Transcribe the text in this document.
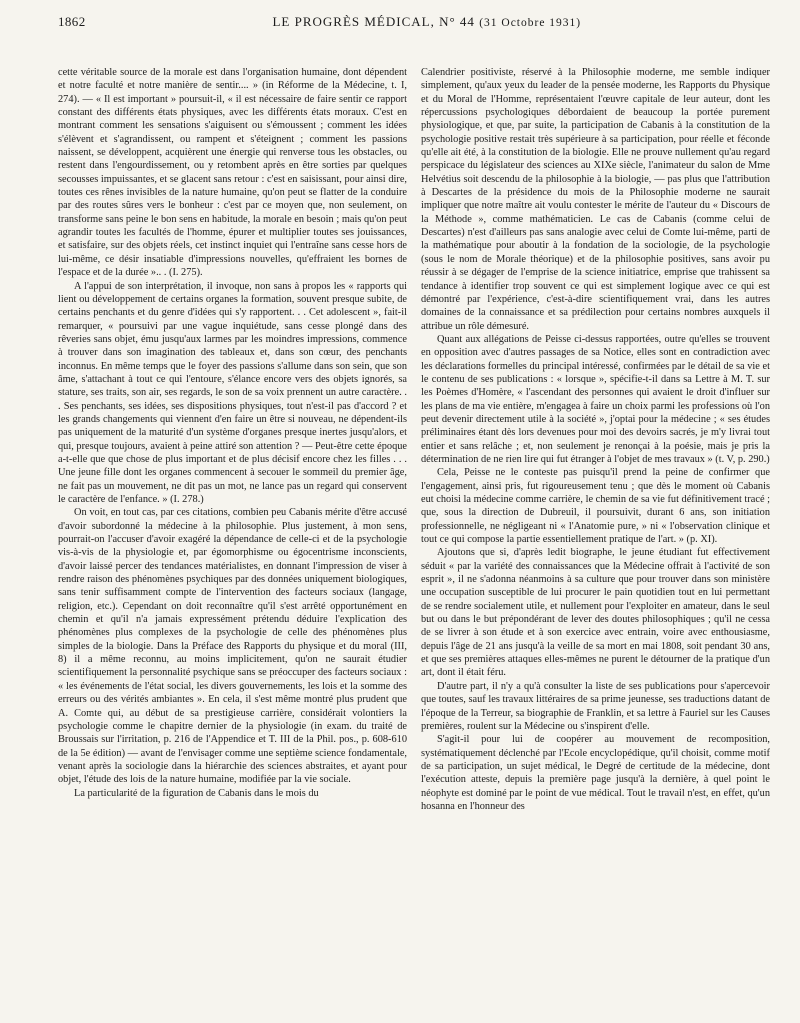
1862	LE PROGRÈS MÉDICAL, N° 44 (31 Octobre 1931)

cette véritable source de la morale est dans l'organisation humaine, dont dépendent et notre faculté et notre manière de sentir.... » (in Réforme de la Médecine, t. I, 274). — « Il est important » poursuit-il, « il est nécessaire de faire sentir ce rapport constant des différents états physiques, avec les différents états moraux. C'est en montrant comment les sensations s'aiguisent ou s'émoussent ; comment les idées s'élèvent et s'agrandissent, ou rampent et s'éteignent ; comment les passions naissent, se développent, acquièrent une énergie qui renverse tous les obstacles, ou restent dans l'engourdissement, ou y retombent après en être sorties par quelques secousses impuissantes, et se glacent sans retour : c'est en saisissant, pour ainsi dire, toutes ces rênes invisibles de la nature humaine, qu'on peut se flatter de la conduire par des routes sûres vers le bonheur : c'est par ce moyen que, non seulement, on transforme sans peine le bon sens en habitude, la morale en besoin ; mais qu'on peut agrandir toutes les facultés de l'homme, épurer et multiplier toutes ses jouissances, et satisfaire, sur des objets réels, cet instinct inquiet qui l'entraîne sans cesse hors de lui-même, ce désir insatiable d'impressions nouvelles, qu'effraient les bornes de l'espace et de la durée ».. . (I. 275).

A l'appui de son interprétation, il invoque, non sans à propos les « rapports qui lient ou développement de certains organes la formation, souvent presque subite, de certains penchants et du genre d'idées qui s'y rapportent. . . Cet adolescent », fait-il remarquer, « poursuivi par une vague inquiétude, sans cesse plongé dans des rêveries sans objet, ému jusqu'aux larmes par les moindres impressions, commence à trouver dans son imagination des tableaux et, dans son cœur, des penchants inconnus. En même temps que le foyer des passions s'allume dans son sein, que son âme, s'attachant à tout ce qui l'entoure, s'élance encore vers des objets ignorés, sa stature, ses traits, son air, ses regards, le son de sa voix prennent un autre caractère. . . Ses penchants, ses idées, ses dispositions physiques, tout n'est-il pas d'accord ? et les grands changements qui viennent d'en faire un être si nouveau, ne dépendent-ils pas uniquement de la maturité d'un système d'organes presque inertes jusqu'alors, et qui, presque toujours, avaient à peine attiré son attention ? — Peut-être cette époque a-t-elle que que chose de plus important et de plus décisif encore chez les filles . . . Une jeune fille dont les organes commencent à secouer le sommeil du premier âge, ne fait pas un mouvement, ne dit pas un mot, ne lance pas un regard qui conservent le caractère de l'enfance. » (I. 278.)

On voit, en tout cas, par ces citations, combien peu Cabanis mérite d'être accusé d'avoir subordonné la médecine à la philosophie. Plus justement, à mon sens, pourrait-on l'accuser d'avoir exagéré la dépendance de celle-ci et de la psychologie vis-à-vis de la physiologie et, par égomorphisme ou égocentrisme inconscients, d'avoir laissé percer des tendances matérialistes, en donnant l'impression de viser à rendre raison des phénomènes psychiques par des données uniquement biologiques, sans tenir suffisamment compte de l'intervention des facteurs sociaux (langage, religion, etc.). Cependant on doit reconnaître qu'il s'est arrêté opportunément en chemin et qu'il n'a jamais expressément prétendu déduire l'explication des phénomènes plus complexes de la psychologie de celle des phénomènes plus simples de la biologie. Dans la Préface des Rapports du physique et du moral (III, 8) il a même reconnu, au moins implicitement, qu'on ne saurait étudier scientifiquement la personnalité psychique sans se préoccuper des facteurs sociaux : « les événements de l'état social, les divers gouvernements, les lois et la somme des erreurs ou des vérités ambiantes ». En cela, il s'est même montré plus prudent que A. Comte qui, au début de sa prestigieuse carrière, considérait volontiers la psychologie comme le chapitre dernier de la physiologie (in exam. du traité de Broussais sur l'irritation, p. 216 de l'Appendice et T. III de la Phil. pos., p. 608-610 de la 5e édition) — avant de l'envisager comme une septième science fondamentale, venant après la sociologie dans la hiérarchie des sciences abstraites, et ayant pour objet, l'étude des lois de la nature humaine, modifiée par la vie sociale.

La particularité de la figuration de Cabanis dans le mois du

Calendrier positiviste, réservé à la Philosophie moderne, me semble indiquer simplement, qu'aux yeux du leader de la pensée moderne, les Rapports du Physique et du Moral de l'Homme, représentaient l'œuvre capitale de leur auteur, dont les répercussions psychologiques débordaient de beaucoup la portée purement physiologique, et que, par suite, la participation de Cabanis à la constitution de la psychologie positive restait très supérieure à sa participation, pour réelle et féconde qu'elle ait été, à la constitution de la biologie. Elle ne prouve nullement qu'au regard perspicace du législateur des sciences au XIXe siècle, l'animateur du salon de Mme Helvétius soit descendu de la philosophie à la biologie, — pas plus que l'attribution à Descartes de la présidence du mois de la Philosophie moderne ne saurait impliquer que notre maître ait voulu contester le mérite de l'auteur du « Discours de la Méthode », comme mathématicien. Le cas de Cabanis (comme celui de Descartes) n'est d'ailleurs pas sans analogie avec celui de Comte lui-même, parti de la mathématique pour aboutir à la fondation de la sociologie, de la psychologie (sous le nom de Morale théorique) et de la philosophie positives, sans avoir pu réussir à se dégager de l'emprise de la science initiatrice, emprise que trahissent sa tendance à identifier trop souvent ce qui est simplement logique avec ce qui est démontré par l'expérience, c'est-à-dire scientifiquement vrai, dans les autres domaines de la connaissance et sa prédilection pour certains nombres auxquels il attribue un rôle démesuré.

Quant aux allégations de Peisse ci-dessus rapportées, outre qu'elles se trouvent en opposition avec d'autres passages de sa Notice, elles sont en contradiction avec les déclarations formelles du principal intéressé, confirmées par le détail de sa vie et le contenu de ses publications : « lorsque », spécifie-t-il dans sa Lettre à M. T. sur les Poèmes d'Homère, « l'ascendant des personnes qui avaient le droit d'influer sur les plans de ma vie entière, m'engagea à faire un choix parmi les professions où l'on peut devenir directement utile à la société », j'optai pour la médecine ; « ses études préliminaires étant dès lors devenues pour moi des devoirs sacrés, je m'y livrai tout entier et sans relâche ; et, non seulement je renonçai à la poésie, mais je pris la détermination de ne rien lire qui fut étranger à l'objet de mes travaux » (t. V, p. 290.)

Cela, Peisse ne le conteste pas puisqu'il prend la peine de confirmer que l'engagement, ainsi pris, fut rigoureusement tenu ; que dès le moment où Cabanis eut choisi la médecine comme carrière, le chemin de sa vie fut définitivement tracé ; que, sous la direction de Dubreuil, il poursuivit, durant 6 ans, son initiation professionnelle, ne négligeant ni « l'Anatomie pure, » ni « l'observation clinique et tout ce qui compose la partie essentiellement pratique de l'art. » (p. XI).

Ajoutons que si, d'après ledit biographe, le jeune étudiant fut effectivement séduit « par la variété des connaissances que la Médecine offrait à l'activité de son esprit », il ne s'adonna néanmoins à sa culture que pour trouver dans son ministère une occupation susceptible de lui procurer le pain quotidien tout en lui permettant de se rendre socialement utile, et nullement pour l'exploiter en amateur, dans le seul but ou dans le but prépondérant de lever des doutes philosophiques ; qu'il ne cessa de se livrer à son étude et à son exercice avec entrain, voire avec enthousiasme, depuis l'âge de 21 ans jusqu'à la veille de sa mort en mai 1808, soit pendant 30 ans, et que ses premières attaques elles-mêmes ne purent le détourner de la pratique d'un art, dont il était féru.

D'autre part, il n'y a qu'à consulter la liste de ses publications pour s'apercevoir que toutes, sauf les travaux littéraires de sa prime jeunesse, ses traductions datant de l'époque de la Terreur, sa biographie de Franklin, et sa lettre à Fauriel sur les Causes premières, roulent sur la Médecine ou s'inspirent d'elle.

S'agit-il pour lui de coopérer au mouvement de recomposition, systématiquement déclenché par l'Ecole encyclopédique, qu'il choisit, comme motif de sa participation, un sujet médical, le Degré de certitude de la médecine, dont l'exécution atteste, depuis la première page jusqu'à la dernière, à quel point le néophyte est dominé par le point de vue médical. Tout le travail n'est, en effet, qu'un hosanna en l'honneur des
